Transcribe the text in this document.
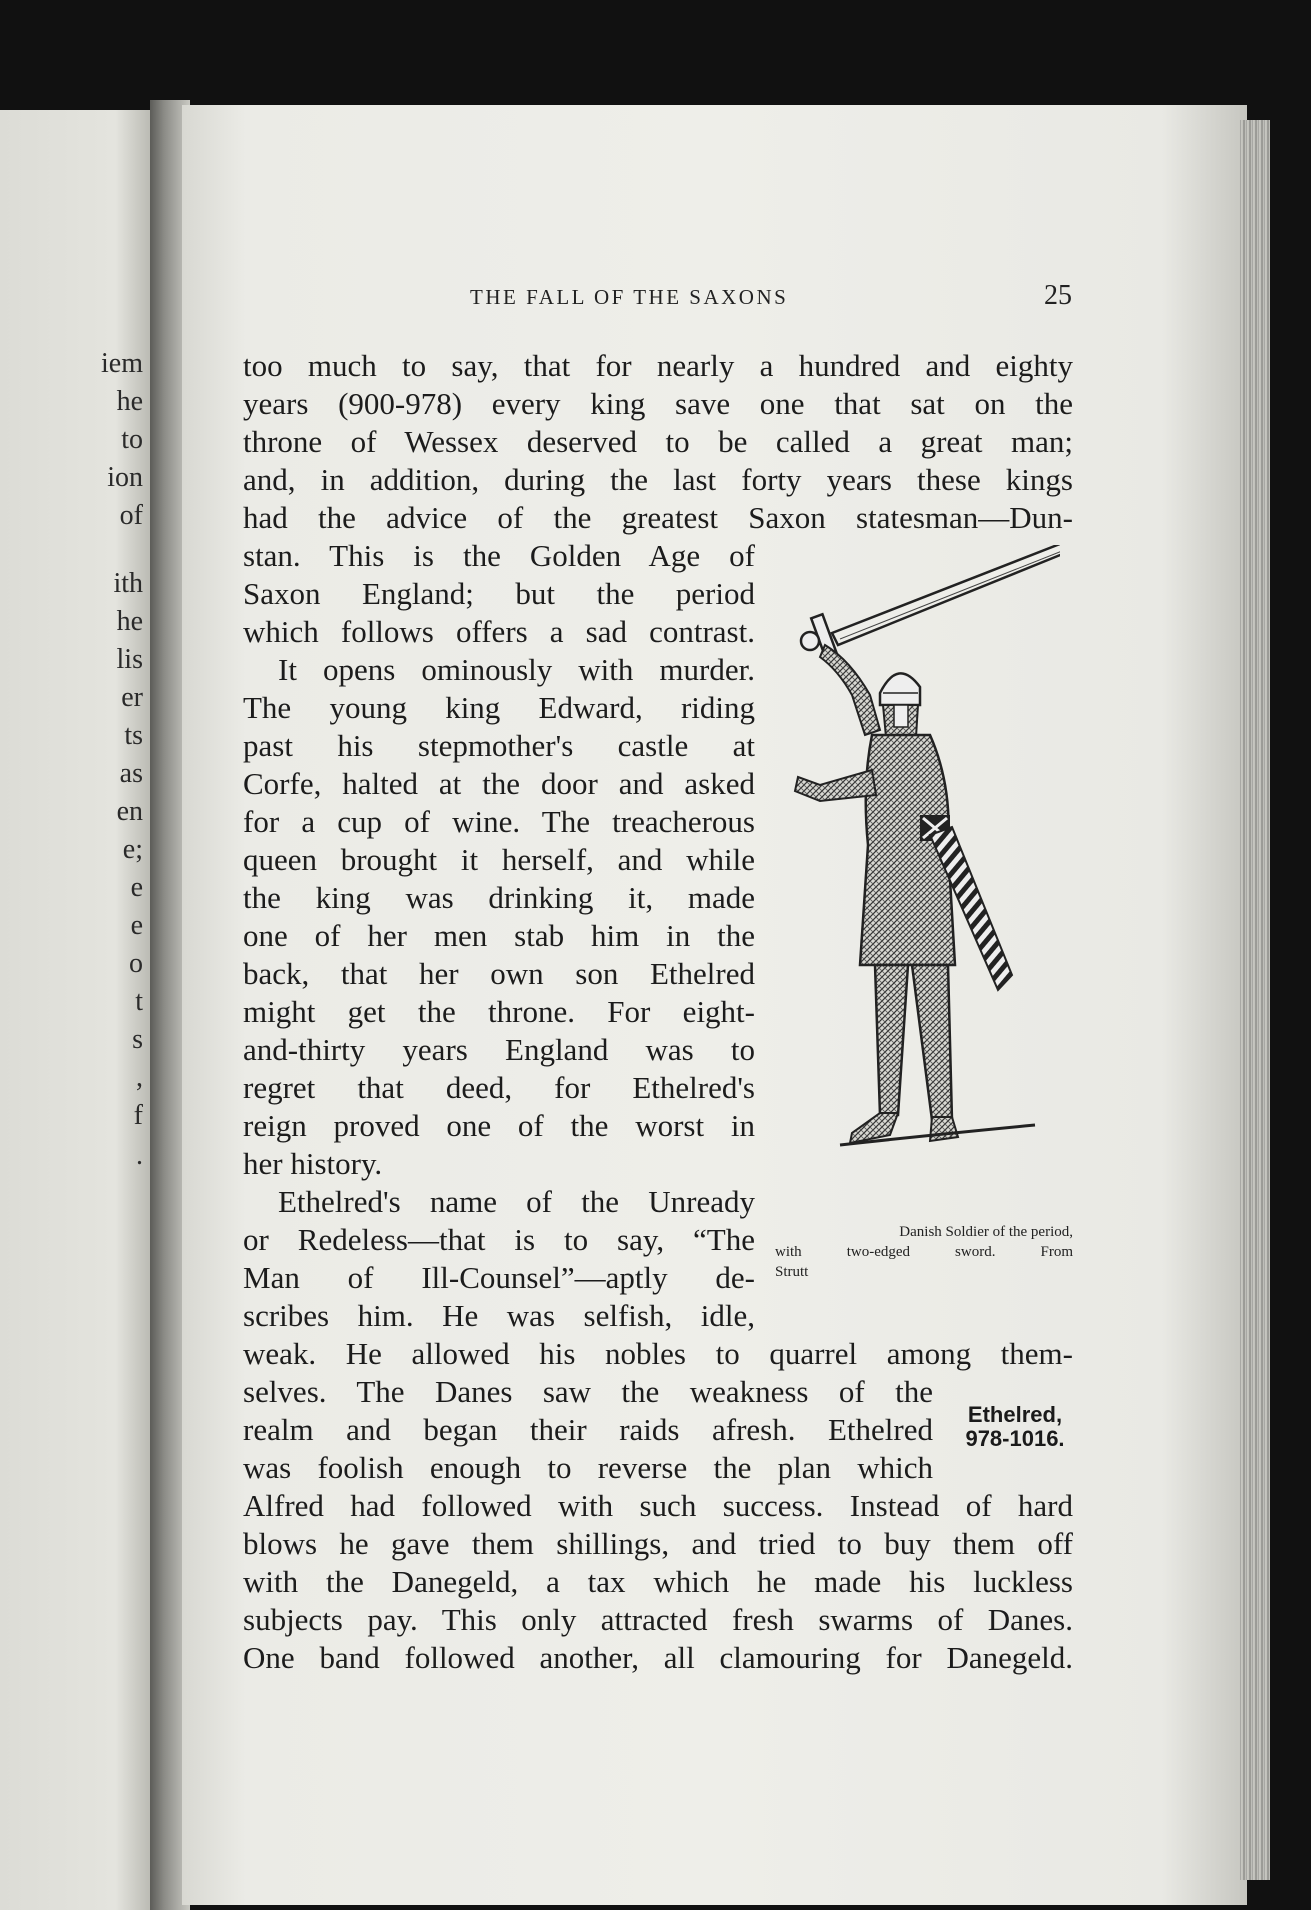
iem
he
to
ion
of
ith
he
lis
er
ts
as
en
e;
e
e
o
t
s
,
f
.
THE FALL OF THE SAXONS	25
too much to say, that for nearly a hundred and eighty
years (900-978) every king save one that sat on the
throne of Wessex deserved to be called a great man;
and, in addition, during the last forty years these kings
had the advice of the greatest Saxon statesman—Dun-
stan. This is the Golden Age of
Saxon England; but the period
which follows offers a sad contrast.
It opens ominously with murder.
The young king Edward, riding
past his stepmother's castle at
Corfe, halted at the door and asked
for a cup of wine. The treacherous
queen brought it herself, and while
the king was drinking it, made
one of her men stab him in the
back, that her own son Ethelred
might get the throne. For eight-
and-thirty years England was to
regret that deed, for Ethelred's
reign proved one of the worst in
her history.
Ethelred's name of the Unready
or Redeless—that is to say, “The
Man of Ill-Counsel”—aptly de-
scribes him. He was selfish, idle,
weak. He allowed his nobles to quarrel among them-
selves. The Danes saw the weakness of the
realm and began their raids afresh. Ethelred
was foolish enough to reverse the plan which
Alfred had followed with such success. Instead of hard
blows he gave them shillings, and tried to buy them off
with the Danegeld, a tax which he made his luckless
subjects pay. This only attracted fresh swarms of Danes.
One band followed another, all clamouring for Danegeld.
Danish Soldier of the period,
with two-edged sword. From
Strutt
Ethelred,
978-1016.
